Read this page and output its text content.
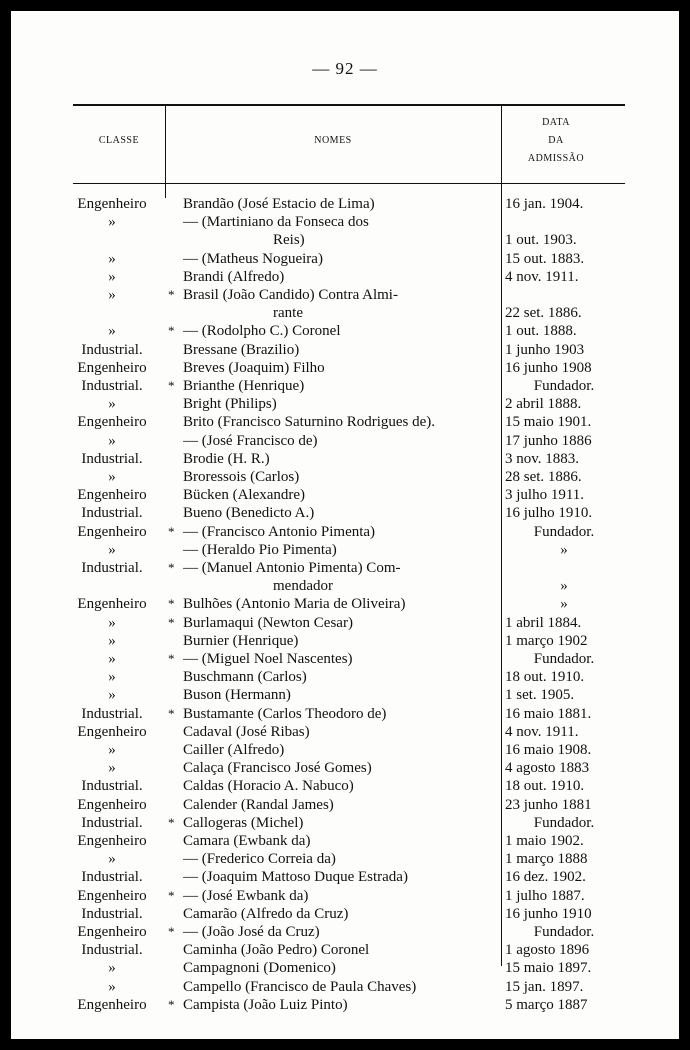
— 92 —
CLASSE	NOMES
DATA
DA
ADMISSÃO
Engenheiro	Brandão (José Estacio de Lima) .....	16 jan. 1904.
»	— (Martiniano da Fonseca dos
Reis) .....	1 out. 1903.
»	— (Matheus Nogueira) .....	15 out. 1883.
»	Brandi (Alfredo) .....	4 nov. 1911.
»	* Brasil (João Candido) Contra Almi-
rante .....	22 set. 1886.
»	* — (Rodolpho C.) Coronel .....	1 out. 1888.
Industrial.	Bressane (Brazilio) .....	1 junho 1903
Engenheiro	Breves (Joaquim) Filho .....	16 junho 1908
Industrial.	* Brianthe (Henrique) .....	Fundador.
»	Bright (Philips) .....	2 abril 1888.
Engenheiro	Brito (Francisco Saturnino Rodrigues de).	15 maio 1901.
»	— (José Francisco de) .....	17 junho 1886
Industrial.	Brodie (H. R.) .....	3 nov. 1883.
»	Broressois (Carlos) .....	28 set. 1886.
Engenheiro	Bücken (Alexandre) .....	3 julho 1911.
Industrial.	Bueno (Benedicto A.) .....	16 julho 1910.
Engenheiro	* — (Francisco Antonio Pimenta) .....	Fundador.
»	— (Heraldo Pio Pimenta) .....	»
Industrial.	* — (Manuel Antonio Pimenta) Com-
mendador .....	»
Engenheiro	* Bulhões (Antonio Maria de Oliveira) .....	»
»	* Burlamaqui (Newton Cesar) .....	1 abril 1884.
»	Burnier (Henrique) .....	1 março 1902
»	* — (Miguel Noel Nascentes) .....	Fundador.
»	Buschmann (Carlos) .....	18 out. 1910.
»	Buson (Hermann) .....	1 set. 1905.
Industrial.	* Bustamante (Carlos Theodoro de) .....	16 maio 1881.
Engenheiro	Cadaval (José Ribas) .....	4 nov. 1911.
»	Cailler (Alfredo) .....	16 maio 1908.
»	Calaça (Francisco José Gomes) .....	4 agosto 1883
Industrial.	Caldas (Horacio A. Nabuco) .....	18 out. 1910.
Engenheiro	Calender (Randal James) .....	23 junho 1881
Industrial.	* Callogeras (Michel) .....	Fundador.
Engenheiro	Camara (Ewbank da) .....	1 maio 1902.
»	— (Frederico Correia da) .....	1 março 1888
Industrial.	— (Joaquim Mattoso Duque Estrada)	16 dez. 1902.
Engenheiro	* — (José Ewbank da) .....	1 julho 1887.
Industrial.	Camarão (Alfredo da Cruz) .....	16 junho 1910
Engenheiro	* — (João José da Cruz) .....	Fundador.
Industrial.	Caminha (João Pedro) Coronel .....	1 agosto 1896
»	Campagnoni (Domenico) .....	15 maio 1897.
»	Campello (Francisco de Paula Chaves) .....	15 jan. 1897.
Engenheiro	* Campista (João Luiz Pinto) .....	5 março 1887
